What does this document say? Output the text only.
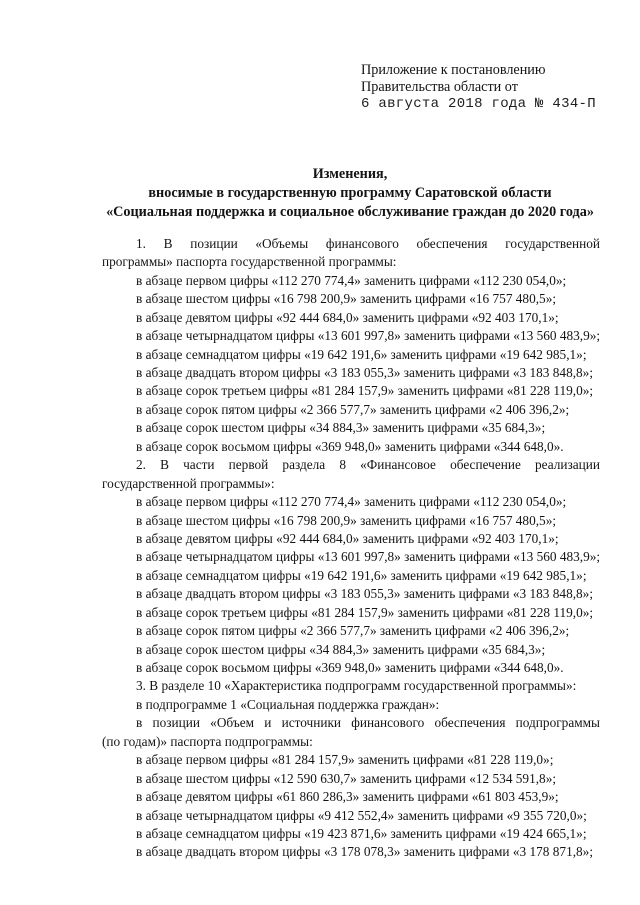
Приложение к постановлению
Правительства области от
6 августа 2018 года № 434-П
Изменения,
вносимые в государственную программу Саратовской области
«Социальная поддержка и социальное обслуживание граждан до 2020 года»
1. В позиции «Объемы финансового обеспечения государственной
программы» паспорта государственной программы:
в абзаце первом цифры «112 270 774,4» заменить цифрами «112 230 054,0»;
в абзаце шестом цифры «16 798 200,9» заменить цифрами «16 757 480,5»;
в абзаце девятом цифры «92 444 684,0» заменить цифрами «92 403 170,1»;
в абзаце четырнадцатом цифры «13 601 997,8» заменить цифрами «13 560 483,9»;
в абзаце семнадцатом цифры «19 642 191,6» заменить цифрами «19 642 985,1»;
в абзаце двадцать втором цифры «3 183 055,3» заменить цифрами «3 183 848,8»;
в абзаце сорок третьем цифры «81 284 157,9» заменить цифрами «81 228 119,0»;
в абзаце сорок пятом цифры «2 366 577,7» заменить цифрами «2 406 396,2»;
в абзаце сорок шестом цифры «34 884,3» заменить цифрами «35 684,3»;
в абзаце сорок восьмом цифры «369 948,0» заменить цифрами «344 648,0».
2. В части первой раздела 8 «Финансовое обеспечение реализации
государственной программы»:
в абзаце первом цифры «112 270 774,4» заменить цифрами «112 230 054,0»;
в абзаце шестом цифры «16 798 200,9» заменить цифрами «16 757 480,5»;
в абзаце девятом цифры «92 444 684,0» заменить цифрами «92 403 170,1»;
в абзаце четырнадцатом цифры «13 601 997,8» заменить цифрами «13 560 483,9»;
в абзаце семнадцатом цифры «19 642 191,6» заменить цифрами «19 642 985,1»;
в абзаце двадцать втором цифры «3 183 055,3» заменить цифрами «3 183 848,8»;
в абзаце сорок третьем цифры «81 284 157,9» заменить цифрами «81 228 119,0»;
в абзаце сорок пятом цифры «2 366 577,7» заменить цифрами «2 406 396,2»;
в абзаце сорок шестом цифры «34 884,3» заменить цифрами «35 684,3»;
в абзаце сорок восьмом цифры «369 948,0» заменить цифрами «344 648,0».
3. В разделе 10 «Характеристика подпрограмм государственной программы»:
в подпрограмме 1 «Социальная поддержка граждан»:
в позиции «Объем и источники финансового обеспечения подпрограммы
(по годам)» паспорта подпрограммы:
в абзаце первом цифры «81 284 157,9» заменить цифрами «81 228 119,0»;
в абзаце шестом цифры «12 590 630,7» заменить цифрами «12 534 591,8»;
в абзаце девятом цифры «61 860 286,3» заменить цифрами «61 803 453,9»;
в абзаце четырнадцатом цифры «9 412 552,4» заменить цифрами «9 355 720,0»;
в абзаце семнадцатом цифры «19 423 871,6» заменить цифрами «19 424 665,1»;
в абзаце двадцать втором цифры «3 178 078,3» заменить цифрами «3 178 871,8»;
